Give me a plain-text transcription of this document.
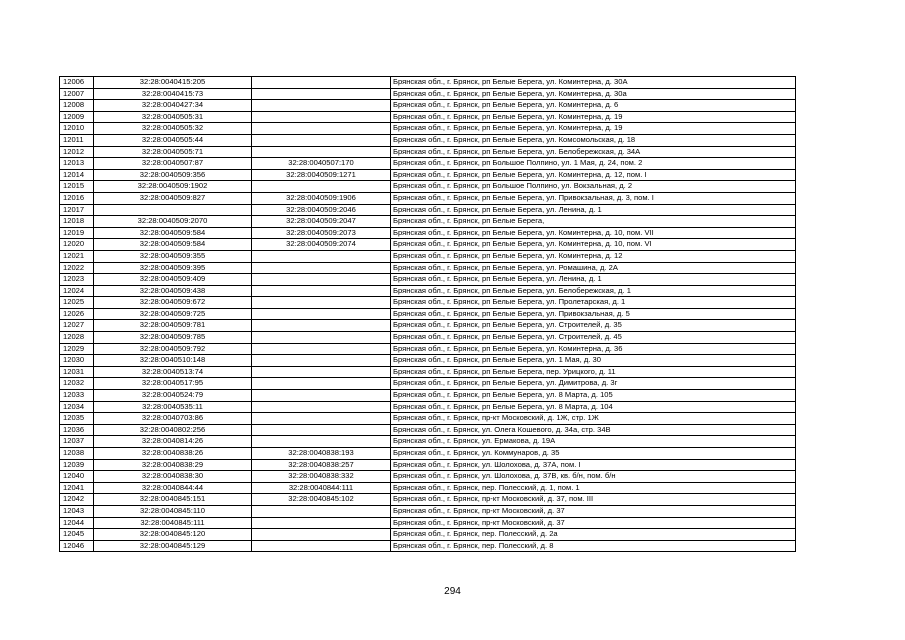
12006	32:28:0040415:205		Брянская обл., г. Брянск, рп Белые Берега, ул. Коминтерна, д. 30А
12007	32:28:0040415:73		Брянская обл., г. Брянск, рп Белые Берега, ул. Коминтерна, д. 30а
12008	32:28:0040427:34		Брянская обл., г. Брянск, рп Белые Берега, ул. Коминтерна, д. 6
12009	32:28:0040505:31		Брянская обл., г. Брянск, рп Белые Берега, ул. Коминтерна, д. 19
12010	32:28:0040505:32		Брянская обл., г. Брянск, рп Белые Берега, ул. Коминтерна, д. 19
12011	32:28:0040505:44		Брянская обл., г. Брянск, рп Белые Берега, ул. Комсомольская, д. 18
12012	32:28:0040505:71		Брянская обл., г. Брянск, рп Белые Берега, ул. Белобережская, д. 34А
12013	32:28:0040507:87	32:28:0040507:170	Брянская обл., г. Брянск, рп Большое Полпино, ул. 1 Мая, д. 24, пом. 2
12014	32:28:0040509:356	32:28:0040509:1271	Брянская обл., г. Брянск, рп Белые Берега, ул. Коминтерна, д. 12, пом. I
12015	32:28:0040509:1902		Брянская обл., г. Брянск, рп Большое Полпино, ул. Вокзальная, д. 2
12016	32:28:0040509:827	32:28:0040509:1906	Брянская обл., г. Брянск, рп Белые Берега, ул. Привокзальная, д. 3, пом. I
12017		32:28:0040509:2046	Брянская обл., г. Брянск, рп Белые Берега, ул. Ленина, д. 1
12018	32:28:0040509:2070	32:28:0040509:2047	Брянская обл., г. Брянск, рп Белые Берега,
12019	32:28:0040509:584	32:28:0040509:2073	Брянская обл., г. Брянск, рп Белые Берега, ул. Коминтерна, д. 10, пом. VII
12020	32:28:0040509:584	32:28:0040509:2074	Брянская обл., г. Брянск, рп Белые Берега, ул. Коминтерна, д. 10, пом. VI
12021	32:28:0040509:355		Брянская обл., г. Брянск, рп Белые Берега, ул. Коминтерна, д. 12
12022	32:28:0040509:395		Брянская обл., г. Брянск, рп Белые Берега, ул. Ромашина, д. 2А
12023	32:28:0040509:409		Брянская обл., г. Брянск, рп Белые Берега, ул. Ленина, д. 1
12024	32:28:0040509:438		Брянская обл., г. Брянск, рп Белые Берега, ул. Белобережская, д. 1
12025	32:28:0040509:672		Брянская обл., г. Брянск, рп Белые Берега, ул. Пролетарская, д. 1
12026	32:28:0040509:725		Брянская обл., г. Брянск, рп Белые Берега, ул. Привокзальная, д. 5
12027	32:28:0040509:781		Брянская обл., г. Брянск, рп Белые Берега, ул. Строителей, д. 35
12028	32:28:0040509:785		Брянская обл., г. Брянск, рп Белые Берега, ул. Строителей, д. 45
12029	32:28:0040509:792		Брянская обл., г. Брянск, рп Белые Берега, ул. Коминтерна, д. 36
12030	32:28:0040510:148		Брянская обл., г. Брянск, рп Белые Берега, ул. 1 Мая, д. 30
12031	32:28:0040513:74		Брянская обл., г. Брянск, рп Белые Берега, пер. Урицкого, д. 11
12032	32:28:0040517:95		Брянская обл., г. Брянск, рп Белые Берега, ул. Димитрова, д. 3г
12033	32:28:0040524:79		Брянская обл., г. Брянск, рп Белые Берега, ул. 8 Марта, д. 105
12034	32:28:0040535:11		Брянская обл., г. Брянск, рп Белые Берега, ул. 8 Марта, д. 104
12035	32:28:0040703:86		Брянская обл., г. Брянск, пр-кт Московский, д. 1Ж, стр. 1Ж
12036	32:28:0040802:256		Брянская обл., г. Брянск, ул. Олега Кошевого, д. 34а, стр. 34В
12037	32:28:0040814:26		Брянская обл., г. Брянск, ул. Ермакова, д. 19А
12038	32:28:0040838:26	32:28:0040838:193	Брянская обл., г. Брянск, ул. Коммунаров, д. 35
12039	32:28:0040838:29	32:28:0040838:257	Брянская обл., г. Брянск, ул. Шолохова, д. 37А, пом. I
12040	32:28:0040838:30	32:28:0040838:332	Брянская обл., г. Брянск, ул. Шолохова, д. 37В, кв. б/н, пом. б/н
12041	32:28:0040844:44	32:28:0040844:111	Брянская обл., г. Брянск, пер. Полесский, д. 1, пом. 1
12042	32:28:0040845:151	32:28:0040845:102	Брянская обл., г. Брянск, пр-кт Московский, д. 37, пом. III
12043	32:28:0040845:110		Брянская обл., г. Брянск, пр-кт Московский, д. 37
12044	32:28:0040845:111		Брянская обл., г. Брянск, пр-кт Московский, д. 37
12045	32:28:0040845:120		Брянская обл., г. Брянск, пер. Полесский, д. 2а
12046	32:28:0040845:129		Брянская обл., г. Брянск, пер. Полесский, д. 8
294
